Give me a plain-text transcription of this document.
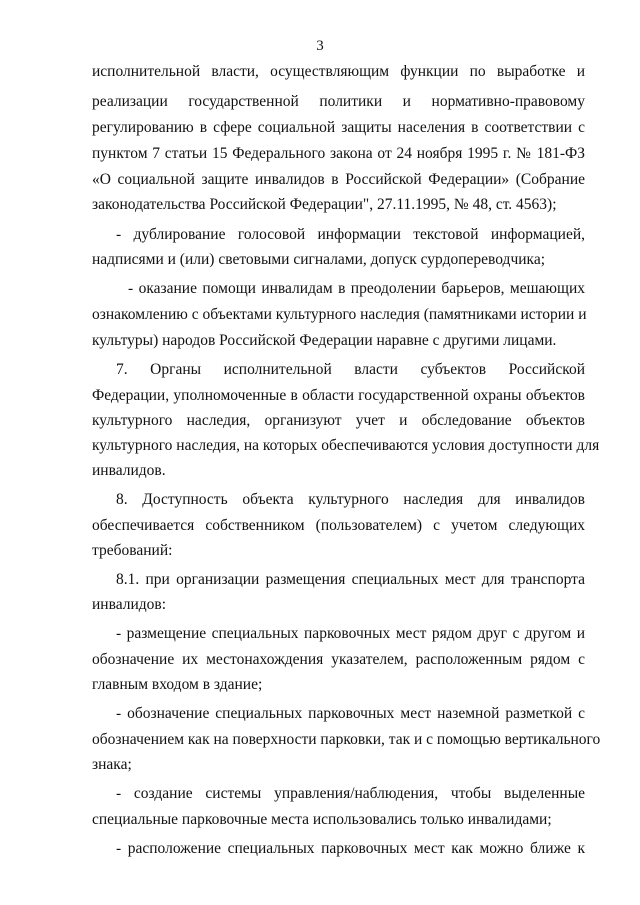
3
исполнительной власти, осуществляющим функции по выработке и
реализации государственной политики и нормативно-правовому
регулированию в сфере социальной защиты населения в соответствии с
пунктом 7 статьи 15 Федерального закона от 24 ноября 1995 г. № 181-ФЗ
«О социальной защите инвалидов в Российской Федерации» (Собрание
законодательства Российской Федерации", 27.11.1995, № 48, ст. 4563);
- дублирование голосовой информации текстовой информацией,
надписями и (или) световыми сигналами, допуск сурдопереводчика;
- оказание помощи инвалидам в преодолении барьеров, мешающих
ознакомлению с объектами культурного наследия (памятниками истории и
культуры) народов Российской Федерации наравне с другими лицами.
7. Органы исполнительной власти субъектов Российской
Федерации, уполномоченные в области государственной охраны объектов
культурного наследия, организуют учет и обследование объектов
культурного наследия, на которых обеспечиваются условия доступности для
инвалидов.
8. Доступность объекта культурного наследия для инвалидов
обеспечивается собственником (пользователем) с учетом следующих
требований:
8.1. при организации размещения специальных мест для транспорта
инвалидов:
- размещение специальных парковочных мест рядом друг с другом и
обозначение их местонахождения указателем, расположенным рядом с
главным входом в здание;
- обозначение специальных парковочных мест наземной разметкой с
обозначением как на поверхности парковки, так и с помощью вертикального
знака;
- создание системы управления/наблюдения, чтобы выделенные
специальные парковочные места использовались только инвалидами;
- расположение специальных парковочных мест как можно ближе к
